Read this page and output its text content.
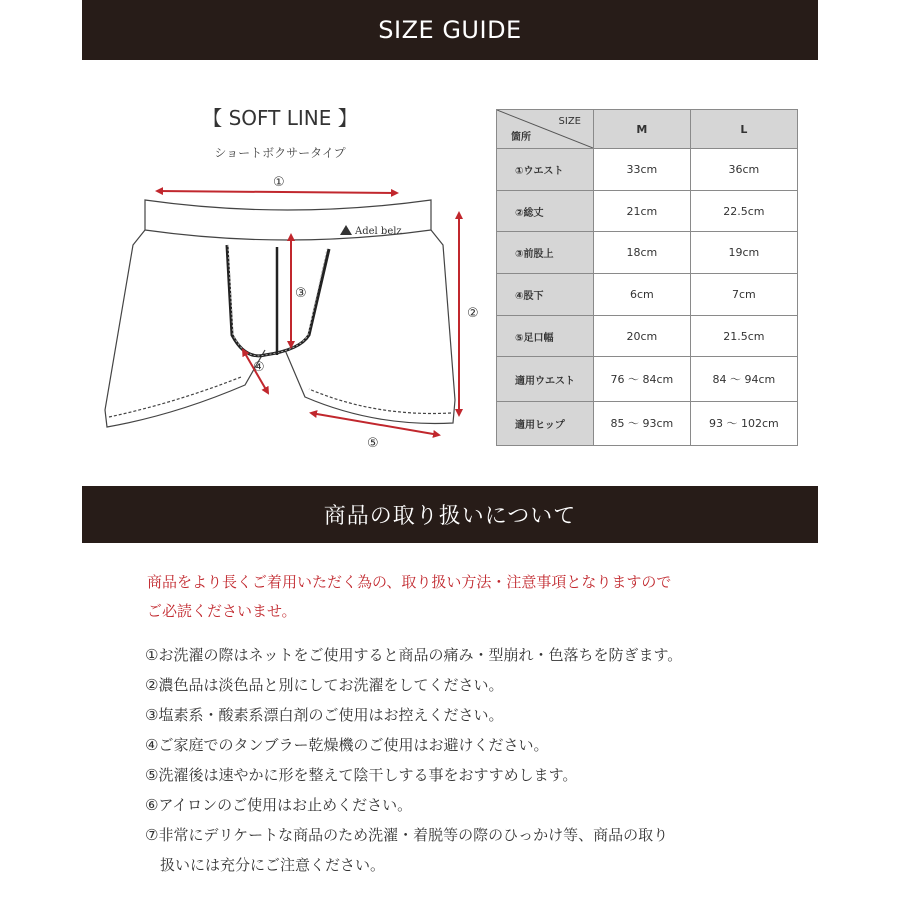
SIZE GUIDE
【 SOFT LINE 】
ショートボクサータイプ
Adel belz
①
②
③
④
⑤
SIZE
箇所	M	L
①ウエスト	33cm	36cm
②総丈	21cm	22.5cm
③前股上	18cm	19cm
④股下	6cm	7cm
⑤足口幅	20cm	21.5cm
適用ウエスト	76 ～ 84cm	84 ～ 94cm
適用ヒップ	85 ～ 93cm	93 ～ 102cm
商品の取り扱いについて
商品をより長くご着用いただく為の、取り扱い方法・注意事項となりますので
ご必読くださいませ。
①お洗濯の際はネットをご使用すると商品の痛み・型崩れ・色落ちを防ぎます。
②濃色品は淡色品と別にしてお洗濯をしてください。
③塩素系・酸素系漂白剤のご使用はお控えください。
④ご家庭でのタンブラー乾燥機のご使用はお避けください。
⑤洗濯後は速やかに形を整えて陰干しする事をおすすめします。
⑥アイロンのご使用はお止めください。
⑦非常にデリケートな商品のため洗濯・着脱等の際のひっかけ等、商品の取り
　扱いには充分にご注意ください。
